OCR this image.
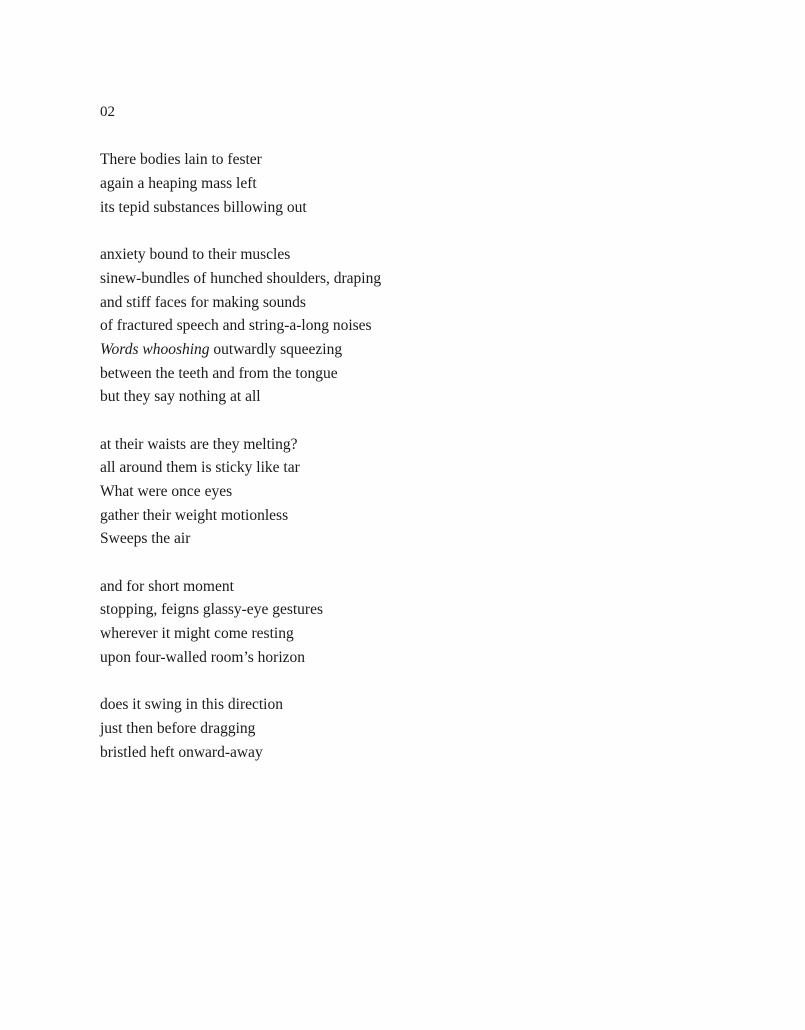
02
There bodies lain to fester
again a heaping mass left
its tepid substances billowing out
anxiety bound to their muscles
sinew-bundles of hunched shoulders, draping
and stiff faces for making sounds
of fractured speech and string-a-long noises
Words whooshing outwardly squeezing
between the teeth and from the tongue
but they say nothing at all
at their waists are they melting?
all around them is sticky like tar
What were once eyes
gather their weight motionless
Sweeps the air
and for short moment
stopping, feigns glassy-eye gestures
wherever it might come resting
upon four-walled room’s horizon
does it swing in this direction
just then before dragging
bristled heft onward-away
